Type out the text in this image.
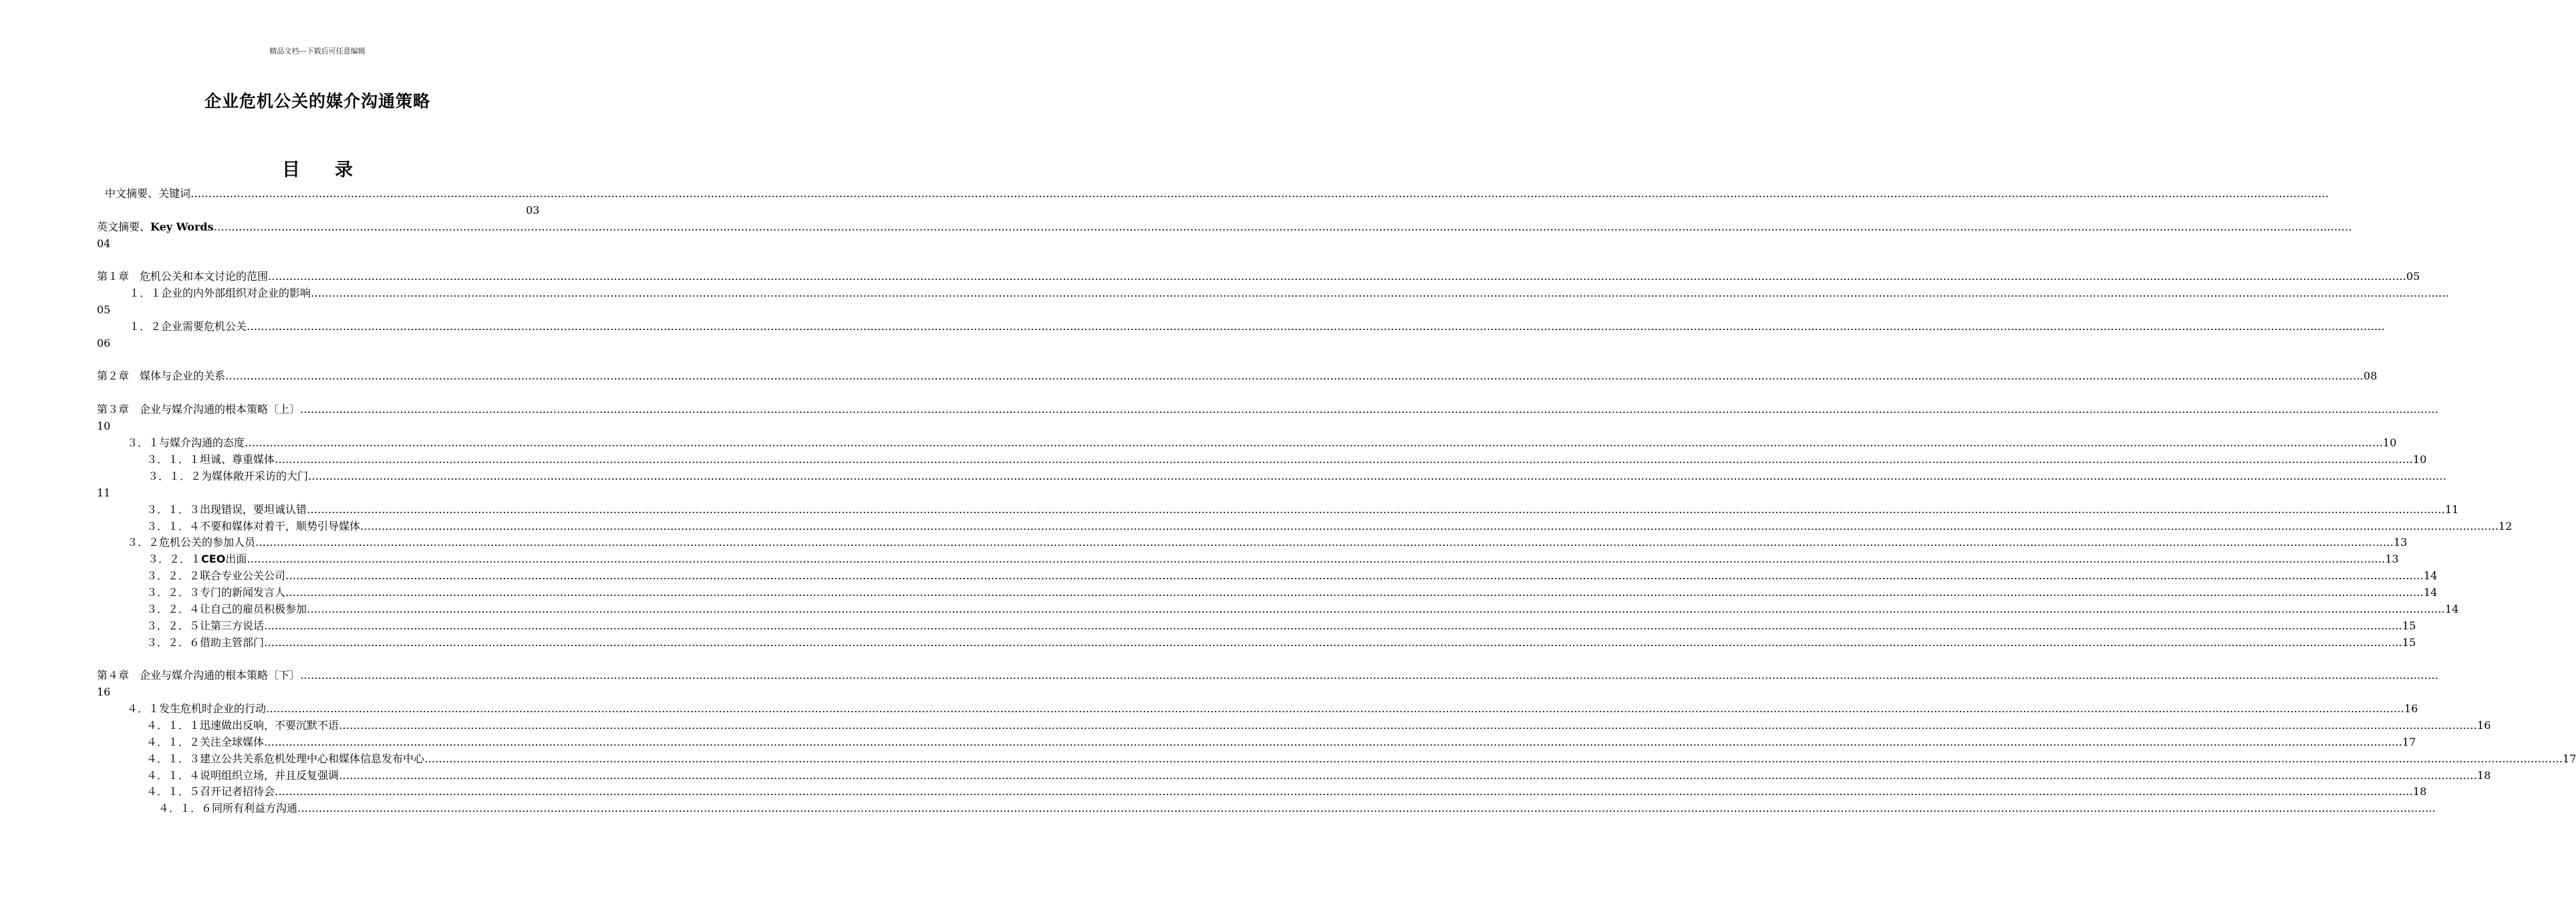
精品文档---下载后可任意编辑
企业危机公关的媒介沟通策略
目 录
中文摘要、关键词 ……………………………………………………………………………………………………………………………………………………………………………………………………………………………………………………………………………………………………………………………………………………………………………………………………………………………………………………………………………………………………………………………………………………
03
英文摘要、Key Words ……………………………………………………………………………………………………………………………………………………………………………………………………………………………………………………………………………………………………………………………………………………………………………………………………………………………………………………………………………………………………………………………………………………
04
第１章　危机公关和本文讨论的范围 …………………………………………………………………………………………………………………………………………………………………………………………………………………………………………………………………………………………………………………………………………………………………………………………………………………………………………………………………………………………………………………………………………………… 05
１．１企业的内外部组织对企业的影响 ……………………………………………………………………………………………………………………………………………………………………………………………………………………………………………………………………………………………………………………………………………………………………………………………………………………………………………………………………………………………………………………………………………………
05
１．２企业需要危机公关 ……………………………………………………………………………………………………………………………………………………………………………………………………………………………………………………………………………………………………………………………………………………………………………………………………………………………………………………………………………………………………………………………………………………
06
第２章　媒体与企业的关系 …………………………………………………………………………………………………………………………………………………………………………………………………………………………………………………………………………………………………………………………………………………………………………………………………………………………………………………………………………………………………………………………………………………… 08
第３章　企业与媒介沟通的根本策略〔上〕 ……………………………………………………………………………………………………………………………………………………………………………………………………………………………………………………………………………………………………………………………………………………………………………………………………………………………………………………………………………………………………………………………………………………
10
３．１与媒介沟通的态度 …………………………………………………………………………………………………………………………………………………………………………………………………………………………………………………………………………………………………………………………………………………………………………………………………………………………………………………………………………………………………………………………………………………… 10
３．１．１坦诚、尊重媒体 …………………………………………………………………………………………………………………………………………………………………………………………………………………………………………………………………………………………………………………………………………………………………………………………………………………………………………………………………………………………………………………………………………………… 10
３．１．２为媒体敞开采访的大门 ……………………………………………………………………………………………………………………………………………………………………………………………………………………………………………………………………………………………………………………………………………………………………………………………………………………………………………………………………………………………………………………………………………………
11
３．１．３出现错误，要坦诚认错 …………………………………………………………………………………………………………………………………………………………………………………………………………………………………………………………………………………………………………………………………………………………………………………………………………………………………………………………………………………………………………………………………………………… 11
３．１．４不要和媒体对着干，顺势引导媒体 …………………………………………………………………………………………………………………………………………………………………………………………………………………………………………………………………………………………………………………………………………………………………………………………………………………………………………………………………………………………………………………………………………………… 12
３．２危机公关的参加人员 …………………………………………………………………………………………………………………………………………………………………………………………………………………………………………………………………………………………………………………………………………………………………………………………………………………………………………………………………………………………………………………………………………………… 13
３．２．１CEO出面 …………………………………………………………………………………………………………………………………………………………………………………………………………………………………………………………………………………………………………………………………………………………………………………………………………………………………………………………………………………………………………………………………………………… 13
３．２．２联合专业公关公司 …………………………………………………………………………………………………………………………………………………………………………………………………………………………………………………………………………………………………………………………………………………………………………………………………………………………………………………………………………………………………………………………………………………… 14
３．２．３专门的新闻发言人 …………………………………………………………………………………………………………………………………………………………………………………………………………………………………………………………………………………………………………………………………………………………………………………………………………………………………………………………………………………………………………………………………………………… 14
３．２．４让自己的雇员积极参加 …………………………………………………………………………………………………………………………………………………………………………………………………………………………………………………………………………………………………………………………………………………………………………………………………………………………………………………………………………………………………………………………………………………… 14
３．２．５让第三方说话 …………………………………………………………………………………………………………………………………………………………………………………………………………………………………………………………………………………………………………………………………………………………………………………………………………………………………………………………………………………………………………………………………………………… 15
３．２．６借助主管部门 …………………………………………………………………………………………………………………………………………………………………………………………………………………………………………………………………………………………………………………………………………………………………………………………………………………………………………………………………………………………………………………………………………………… 15
第４章　企业与媒介沟通的根本策略〔下〕 ……………………………………………………………………………………………………………………………………………………………………………………………………………………………………………………………………………………………………………………………………………………………………………………………………………………………………………………………………………………………………………………………………………………
16
４．１发生危机时企业的行动 …………………………………………………………………………………………………………………………………………………………………………………………………………………………………………………………………………………………………………………………………………………………………………………………………………………………………………………………………………………………………………………………………………………… 16
４．１．１迅速做出反响，不要沉默不语 …………………………………………………………………………………………………………………………………………………………………………………………………………………………………………………………………………………………………………………………………………………………………………………………………………………………………………………………………………………………………………………………………………………… 16
４．１．２关注全球媒体 …………………………………………………………………………………………………………………………………………………………………………………………………………………………………………………………………………………………………………………………………………………………………………………………………………………………………………………………………………………………………………………………………………………… 17
４．１．３建立公共关系危机处理中心和媒体信息发布中心 …………………………………………………………………………………………………………………………………………………………………………………………………………………………………………………………………………………………………………………………………………………………………………………………………………………………………………………………………………………………………………………………………………………… 17
４．１．４说明组织立场，并且反复强调 …………………………………………………………………………………………………………………………………………………………………………………………………………………………………………………………………………………………………………………………………………………………………………………………………………………………………………………………………………………………………………………………………………………… 18
４．１．５召开记者招待会 …………………………………………………………………………………………………………………………………………………………………………………………………………………………………………………………………………………………………………………………………………………………………………………………………………………………………………………………………………………………………………………………………………………… 18
４．１．６同所有利益方沟通 ……………………………………………………………………………………………………………………………………………………………………………………………………………………………………………………………………………………………………………………………………………………………………………………………………………………………………………………………………………………………………………………………………………………
